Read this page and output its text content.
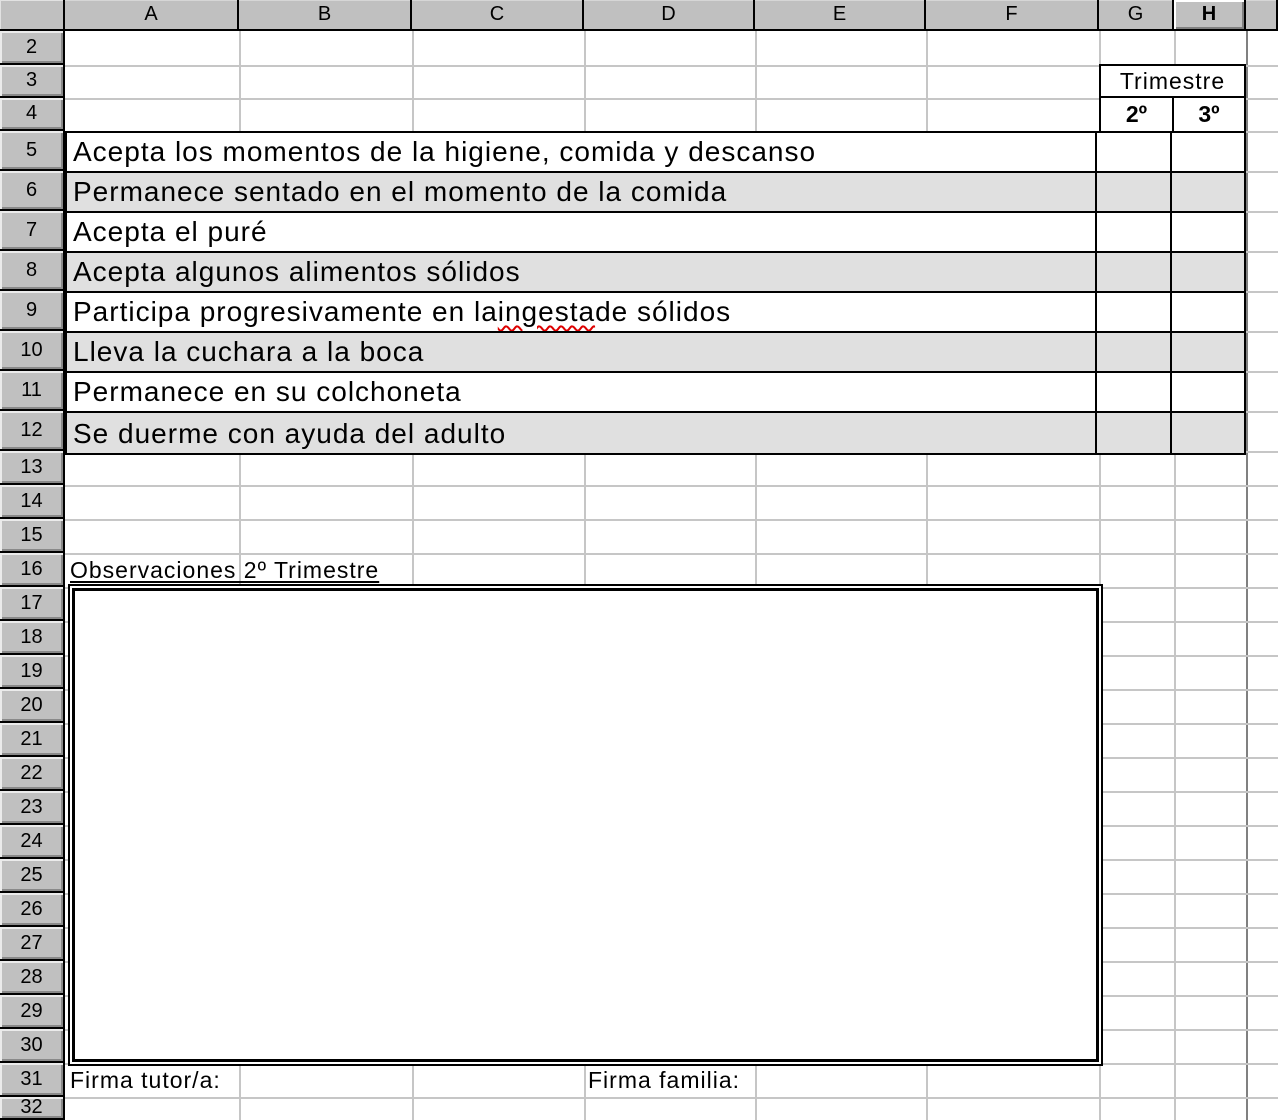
Acepta los momentos de la higiene, comida y descanso
Permanece sentado en el momento de la comida
Acepta el puré
Acepta algunos alimentos sólidos
Participa progresivamente en la ingesta de sólidos
Lleva la cuchara a la boca
Permanece en su colchoneta
Se duerme con ayuda del adulto
Trimestre
2º	3º
Observaciones 2º Trimestre
Firma tutor/a:	Firma familia:
A	B	C	D	E	F	G	H
2
3
4
5
6
7
8
9
10
11
12
13
14
15
16
17
18
19
20
21
22
23
24
25
26
27
28
29
30
31
32
